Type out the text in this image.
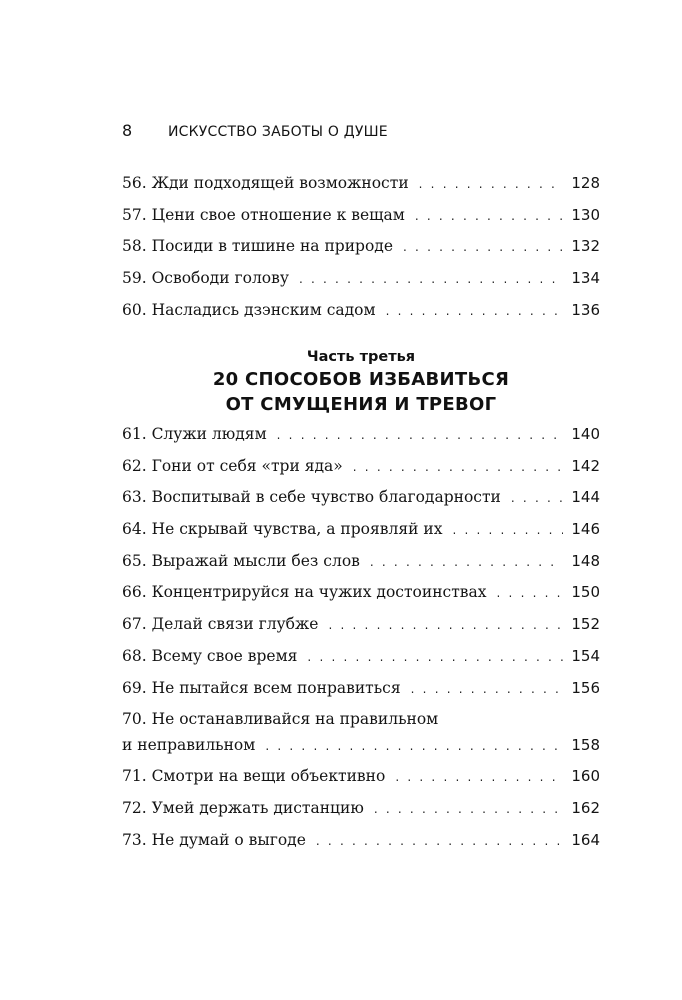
8	ИСКУССТВО ЗАБОТЫ О ДУШЕ
56. Жди подходящей возможности . . .	128
57. Цени свое отношение к вещам . . .	130
58. Посиди в тишине на природе . . .	132
59. Освободи голову . . .	134
60. Насладись дзэнским садом . . .	136
Часть третья
20 СПОСОБОВ ИЗБАВИТЬСЯ
ОТ СМУЩЕНИЯ И ТРЕВОГ
61. Служи людям . . .	140
62. Гони от себя «три яда» . . .	142
63. Воспитывай в себе чувство благодарности . . .	144
64. Не скрывай чувства, а проявляй их . . .	146
65. Выражай мысли без слов . . .	148
66. Концентрируйся на чужих достоинствах . . .	150
67. Делай связи глубже . . .	152
68. Всему свое время . . .	154
69. Не пытайся всем понравиться . . .	156
70. Не останавливайся на правильном
и неправильном . . .	158
71. Смотри на вещи объективно . . .	160
72. Умей держать дистанцию . . .	162
73. Не думай о выгоде . . .	164
